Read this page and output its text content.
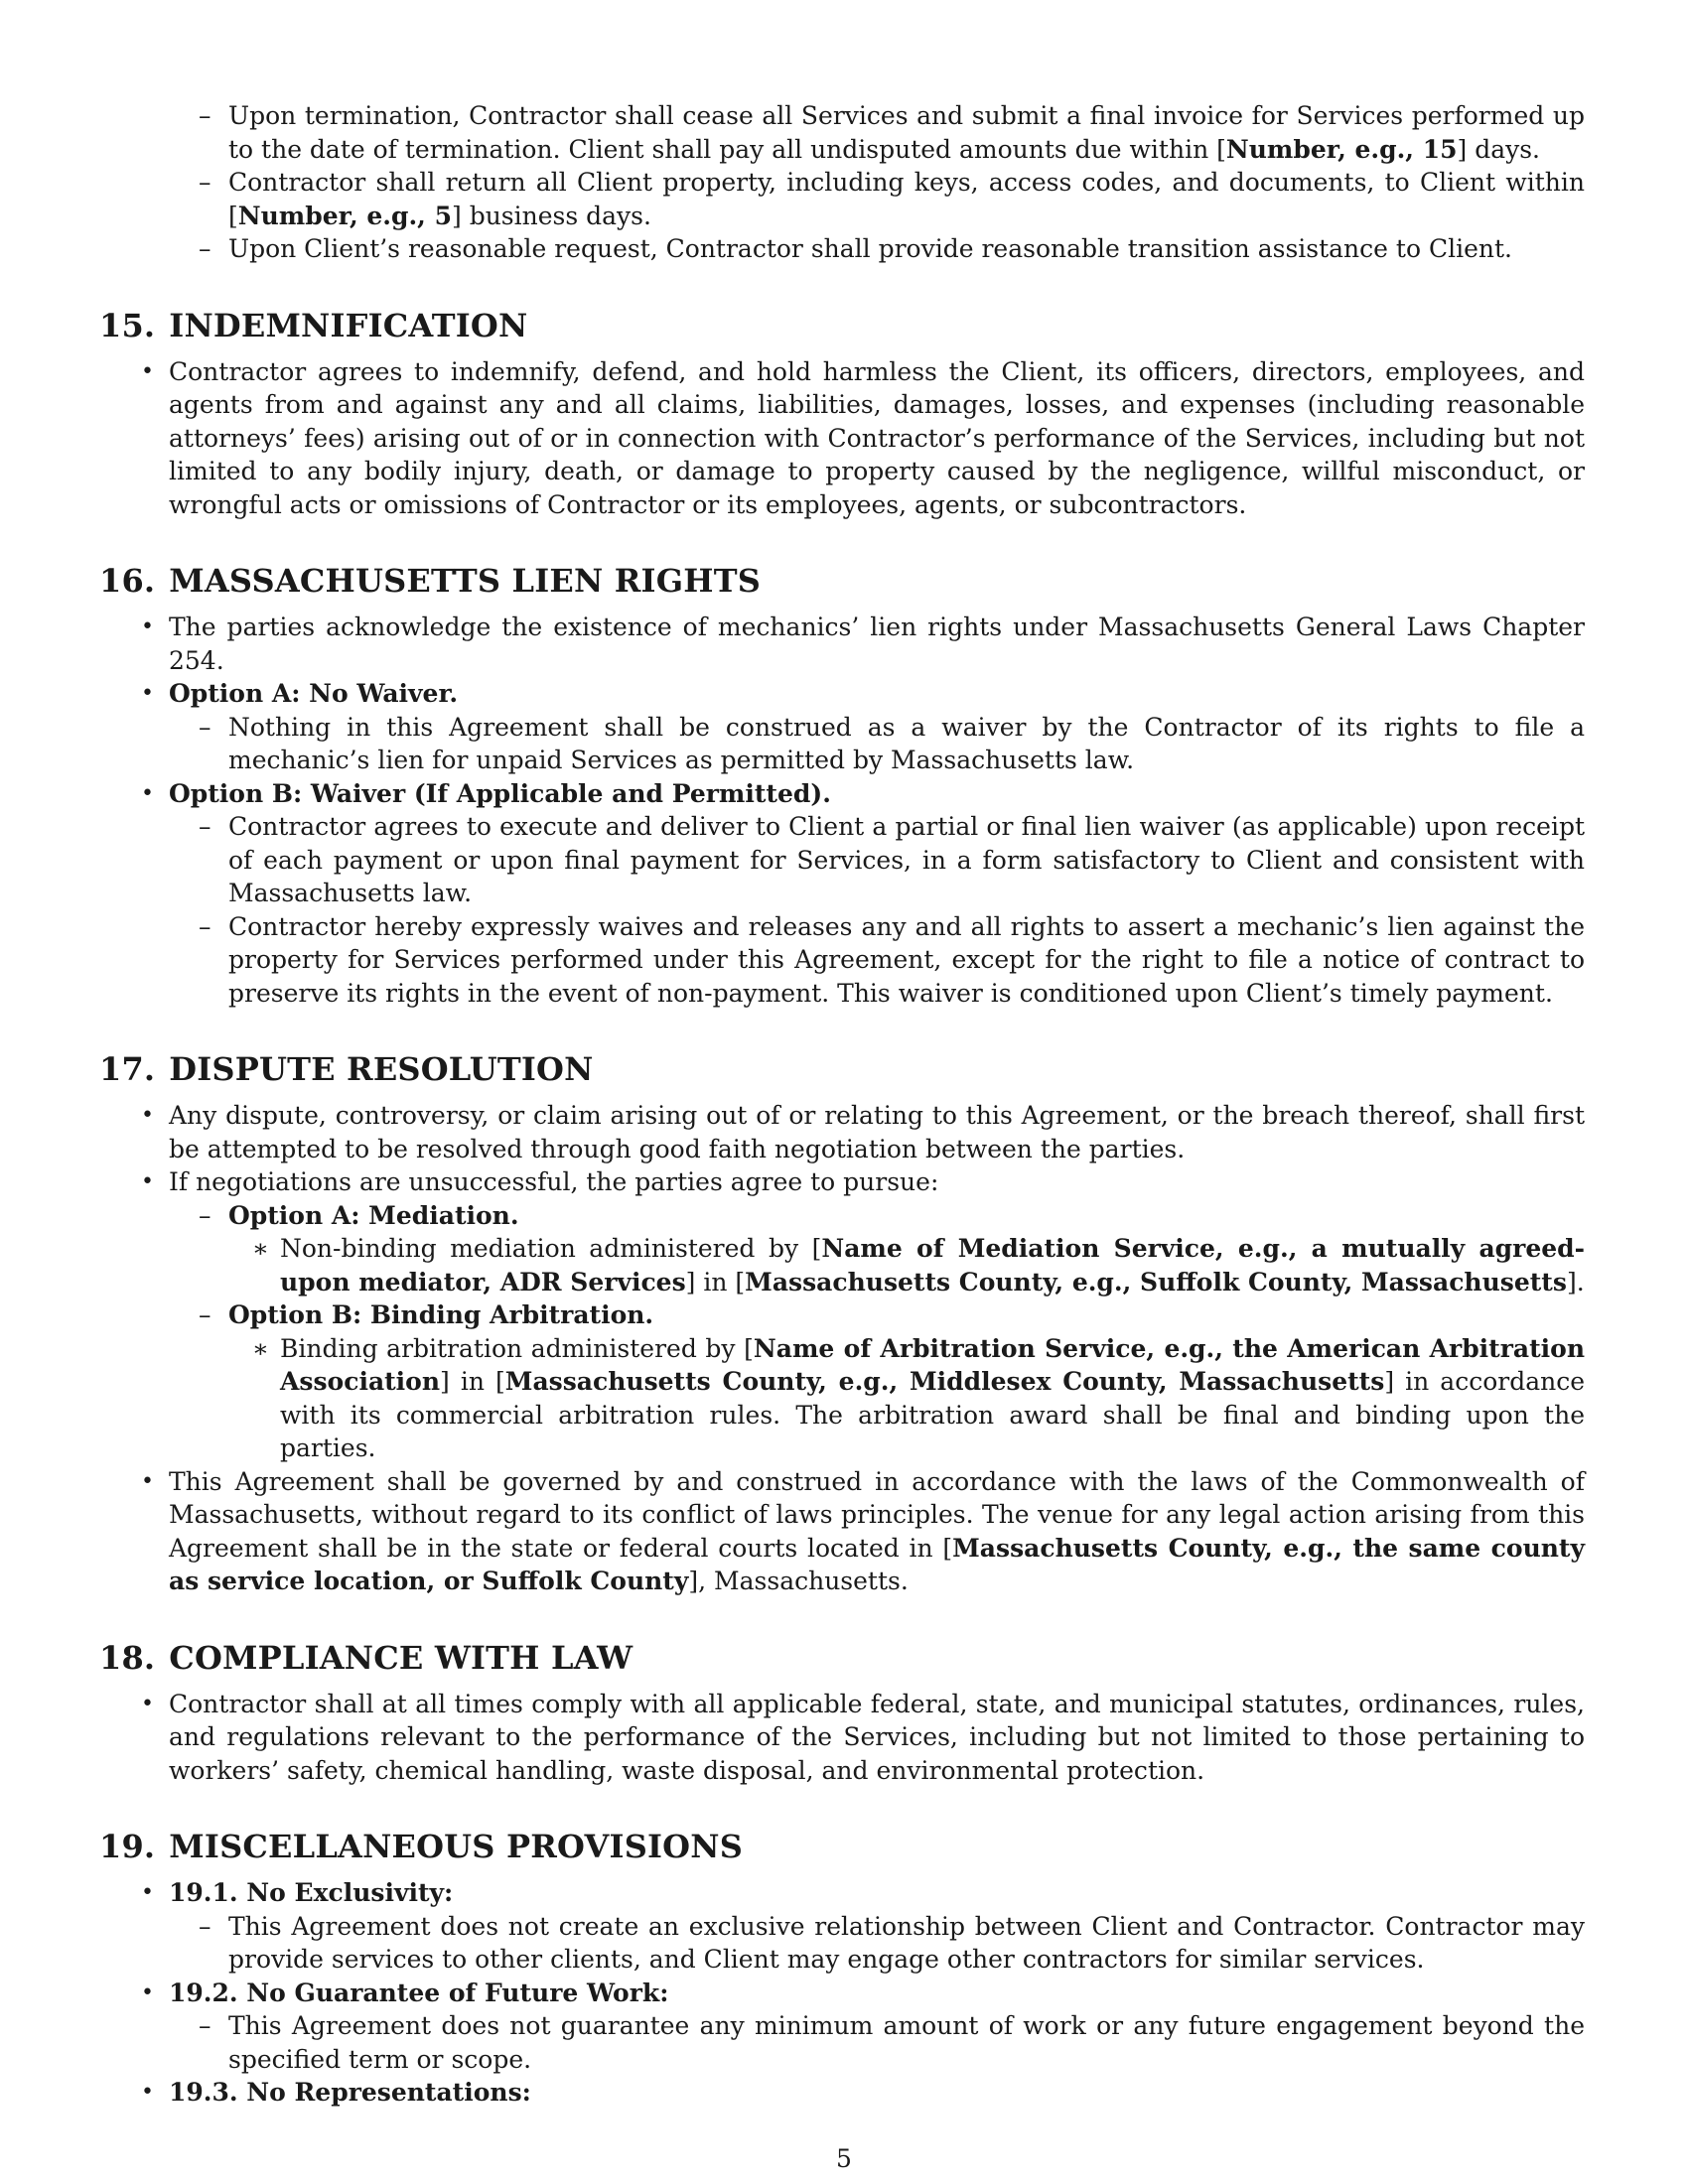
– Upon termination, Contractor shall cease all Services and submit a final invoice for Services performed up to the date of termination. Client shall pay all undisputed amounts due within [Number, e.g., 15] days.
– Contractor shall return all Client property, including keys, access codes, and documents, to Client within [Number, e.g., 5] business days.
– Upon Client’s reasonable request, Contractor shall provide reasonable transition assistance to Client.
15. INDEMNIFICATION
• Contractor agrees to indemnify, defend, and hold harmless the Client, its officers, directors, employees, and agents from and against any and all claims, liabilities, damages, losses, and expenses (including reasonable attorneys’ fees) arising out of or in connection with Contractor’s performance of the Services, including but not limited to any bodily injury, death, or damage to property caused by the negligence, willful misconduct, or wrongful acts or omissions of Contractor or its employees, agents, or subcontractors.
16. MASSACHUSETTS LIEN RIGHTS
• The parties acknowledge the existence of mechanics’ lien rights under Massachusetts General Laws Chapter 254.
• Option A: No Waiver.
– Nothing in this Agreement shall be construed as a waiver by the Contractor of its rights to file a mechanic’s lien for unpaid Services as permitted by Massachusetts law.
• Option B: Waiver (If Applicable and Permitted).
– Contractor agrees to execute and deliver to Client a partial or final lien waiver (as applicable) upon receipt of each payment or upon final payment for Services, in a form satisfactory to Client and consistent with Massachusetts law.
– Contractor hereby expressly waives and releases any and all rights to assert a mechanic’s lien against the property for Services performed under this Agreement, except for the right to file a notice of contract to preserve its rights in the event of non-payment. This waiver is conditioned upon Client’s timely payment.
17. DISPUTE RESOLUTION
• Any dispute, controversy, or claim arising out of or relating to this Agreement, or the breach thereof, shall first be attempted to be resolved through good faith negotiation between the parties.
• If negotiations are unsuccessful, the parties agree to pursue:
– Option A: Mediation.
∗ Non-binding mediation administered by [Name of Mediation Service, e.g., a mutually agreed-upon mediator, ADR Services] in [Massachusetts County, e.g., Suffolk County, Massachusetts].
– Option B: Binding Arbitration.
∗ Binding arbitration administered by [Name of Arbitration Service, e.g., the American Arbitration Association] in [Massachusetts County, e.g., Middlesex County, Massachusetts] in accordance with its commercial arbitration rules. The arbitration award shall be final and binding upon the parties.
• This Agreement shall be governed by and construed in accordance with the laws of the Commonwealth of Massachusetts, without regard to its conflict of laws principles. The venue for any legal action arising from this Agreement shall be in the state or federal courts located in [Massachusetts County, e.g., the same county as service location, or Suffolk County], Massachusetts.
18. COMPLIANCE WITH LAW
• Contractor shall at all times comply with all applicable federal, state, and municipal statutes, ordinances, rules, and regulations relevant to the performance of the Services, including but not limited to those pertaining to workers’ safety, chemical handling, waste disposal, and environmental protection.
19. MISCELLANEOUS PROVISIONS
• 19.1. No Exclusivity:
– This Agreement does not create an exclusive relationship between Client and Contractor. Contractor may provide services to other clients, and Client may engage other contractors for similar services.
• 19.2. No Guarantee of Future Work:
– This Agreement does not guarantee any minimum amount of work or any future engagement beyond the specified term or scope.
• 19.3. No Representations:
5
